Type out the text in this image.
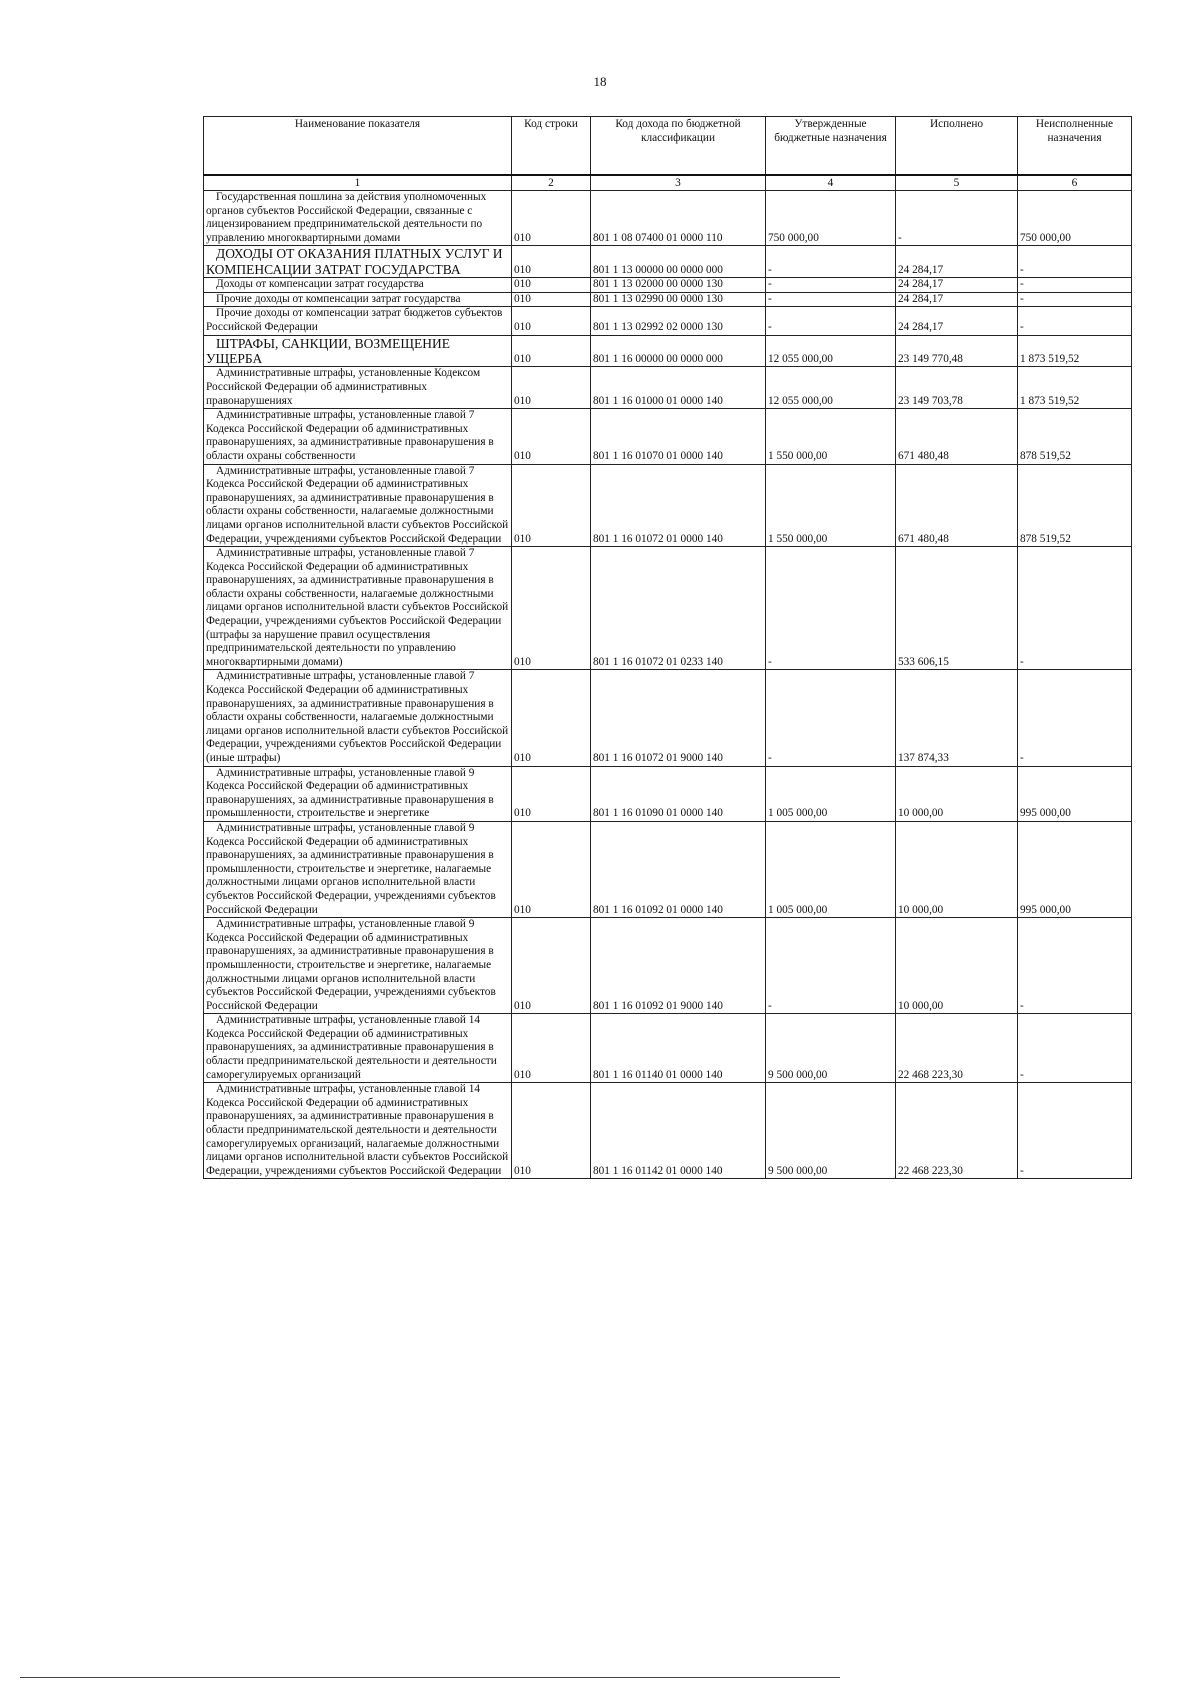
18
Наименование показателя	Код строки	Код дохода по бюджетной классификации	Утвержденные бюджетные назначения	Исполнено	Неисполненные назначения
1	2	3	4	5	6
Государственная пошлина за действия уполномоченных органов субъектов Российской Федерации, связанные с лицензированием предпринимательской деятельности по управлению многоквартирными домами	010	801 1 08 07400 01 0000 110	750 000,00	-	750 000,00
ДОХОДЫ ОТ ОКАЗАНИЯ ПЛАТНЫХ УСЛУГ И КОМПЕНСАЦИИ ЗАТРАТ ГОСУДАРСТВА	010	801 1 13 00000 00 0000 000	-	24 284,17	-
Доходы от компенсации затрат государства	010	801 1 13 02000 00 0000 130	-	24 284,17	-
Прочие доходы от компенсации затрат государства	010	801 1 13 02990 00 0000 130	-	24 284,17	-
Прочие доходы от компенсации затрат бюджетов субъектов Российской Федерации	010	801 1 13 02992 02 0000 130	-	24 284,17	-
ШТРАФЫ, САНКЦИИ, ВОЗМЕЩЕНИЕ УЩЕРБА	010	801 1 16 00000 00 0000 000	12 055 000,00	23 149 770,48	1 873 519,52
Административные штрафы, установленные Кодексом Российской Федерации об административных правонарушениях	010	801 1 16 01000 01 0000 140	12 055 000,00	23 149 703,78	1 873 519,52
Административные штрафы, установленные главой 7 Кодекса Российской Федерации об административных правонарушениях, за административные правонарушения в области охраны собственности	010	801 1 16 01070 01 0000 140	1 550 000,00	671 480,48	878 519,52
Административные штрафы, установленные главой 7 Кодекса Российской Федерации об административных правонарушениях, за административные правонарушения в области охраны собственности, налагаемые должностными лицами органов исполнительной власти субъектов Российской Федерации, учреждениями субъектов Российской Федерации	010	801 1 16 01072 01 0000 140	1 550 000,00	671 480,48	878 519,52
Административные штрафы, установленные главой 7 Кодекса Российской Федерации об административных правонарушениях, за административные правонарушения в области охраны собственности, налагаемые должностными лицами органов исполнительной власти субъектов Российской Федерации, учреждениями субъектов Российской Федерации (штрафы за нарушение правил осуществления предпринимательской деятельности по управлению многоквартирными домами)	010	801 1 16 01072 01 0233 140	-	533 606,15	-
Административные штрафы, установленные главой 7 Кодекса Российской Федерации об административных правонарушениях, за административные правонарушения в области охраны собственности, налагаемые должностными лицами органов исполнительной власти субъектов Российской Федерации, учреждениями субъектов Российской Федерации (иные штрафы)	010	801 1 16 01072 01 9000 140	-	137 874,33	-
Административные штрафы, установленные главой 9 Кодекса Российской Федерации об административных правонарушениях, за административные правонарушения в промышленности, строительстве и энергетике	010	801 1 16 01090 01 0000 140	1 005 000,00	10 000,00	995 000,00
Административные штрафы, установленные главой 9 Кодекса Российской Федерации об административных правонарушениях, за административные правонарушения в промышленности, строительстве и энергетике, налагаемые должностными лицами органов исполнительной власти субъектов Российской Федерации, учреждениями субъектов Российской Федерации	010	801 1 16 01092 01 0000 140	1 005 000,00	10 000,00	995 000,00
Административные штрафы, установленные главой 9 Кодекса Российской Федерации об административных правонарушениях, за административные правонарушения в промышленности, строительстве и энергетике, налагаемые должностными лицами органов исполнительной власти субъектов Российской Федерации, учреждениями субъектов Российской Федерации	010	801 1 16 01092 01 9000 140	-	10 000,00	-
Административные штрафы, установленные главой 14 Кодекса Российской Федерации об административных правонарушениях, за административные правонарушения в области предпринимательской деятельности и деятельности саморегулируемых организаций	010	801 1 16 01140 01 0000 140	9 500 000,00	22 468 223,30	-
Административные штрафы, установленные главой 14 Кодекса Российской Федерации об административных правонарушениях, за административные правонарушения в области предпринимательской деятельности и деятельности саморегулируемых организаций, налагаемые должностными лицами органов исполнительной власти субъектов Российской Федерации, учреждениями субъектов Российской Федерации	010	801 1 16 01142 01 0000 140	9 500 000,00	22 468 223,30	-
